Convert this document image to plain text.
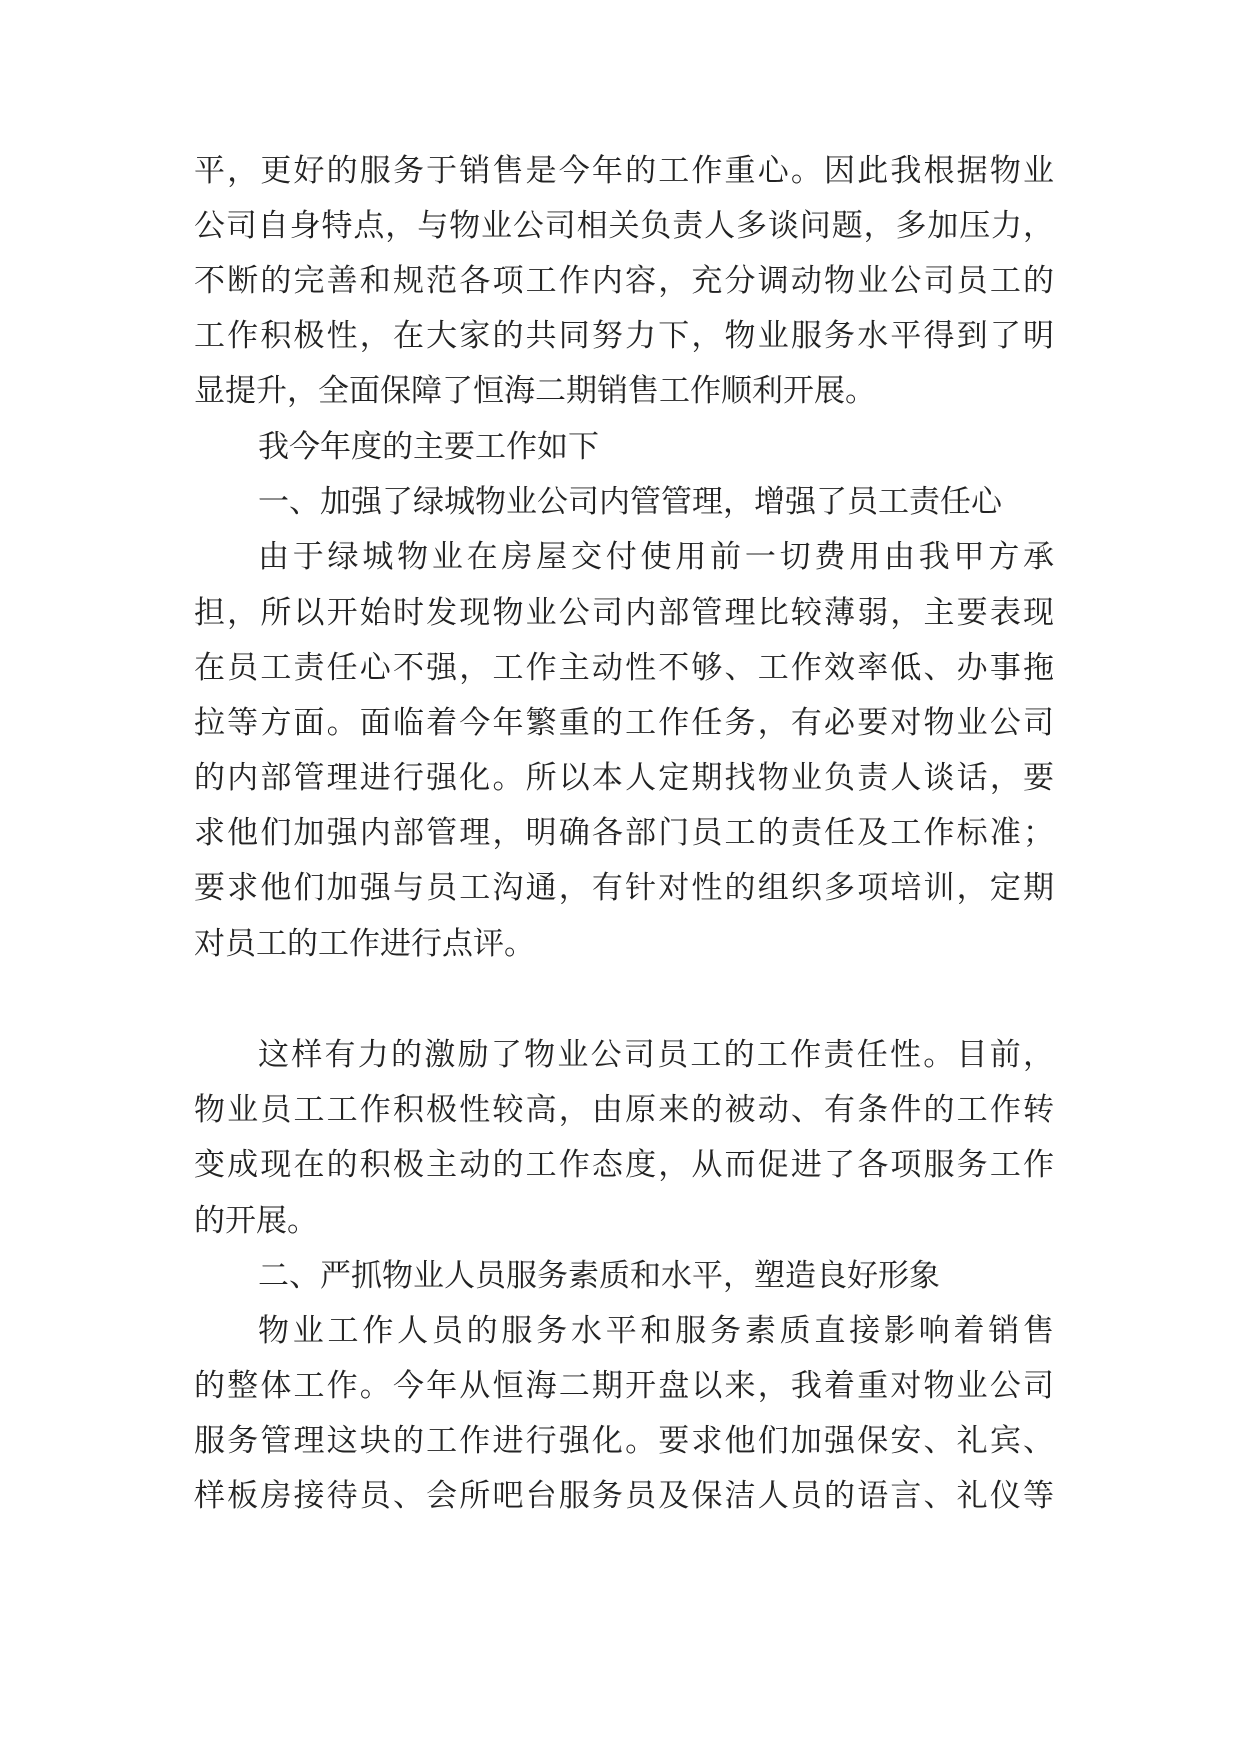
平，更好的服务于销售是今年的工作重心。因此我根据物业
公司自身特点，与物业公司相关负责人多谈问题，多加压力，
不断的完善和规范各项工作内容，充分调动物业公司员工的
工作积极性，在大家的共同努力下，物业服务水平得到了明
显提升，全面保障了恒海二期销售工作顺利开展。
我今年度的主要工作如下
一、加强了绿城物业公司内管管理，增强了员工责任心
由于绿城物业在房屋交付使用前一切费用由我甲方承
担，所以开始时发现物业公司内部管理比较薄弱，主要表现
在员工责任心不强，工作主动性不够、工作效率低、办事拖
拉等方面。面临着今年繁重的工作任务，有必要对物业公司
的内部管理进行强化。所以本人定期找物业负责人谈话，要
求他们加强内部管理，明确各部门员工的责任及工作标准；
要求他们加强与员工沟通，有针对性的组织多项培训，定期
对员工的工作进行点评。
这样有力的激励了物业公司员工的工作责任性。目前，
物业员工工作积极性较高，由原来的被动、有条件的工作转
变成现在的积极主动的工作态度，从而促进了各项服务工作
的开展。
二、严抓物业人员服务素质和水平，塑造良好形象
物业工作人员的服务水平和服务素质直接影响着销售
的整体工作。今年从恒海二期开盘以来，我着重对物业公司
服务管理这块的工作进行强化。要求他们加强保安、礼宾、
样板房接待员、会所吧台服务员及保洁人员的语言、礼仪等
